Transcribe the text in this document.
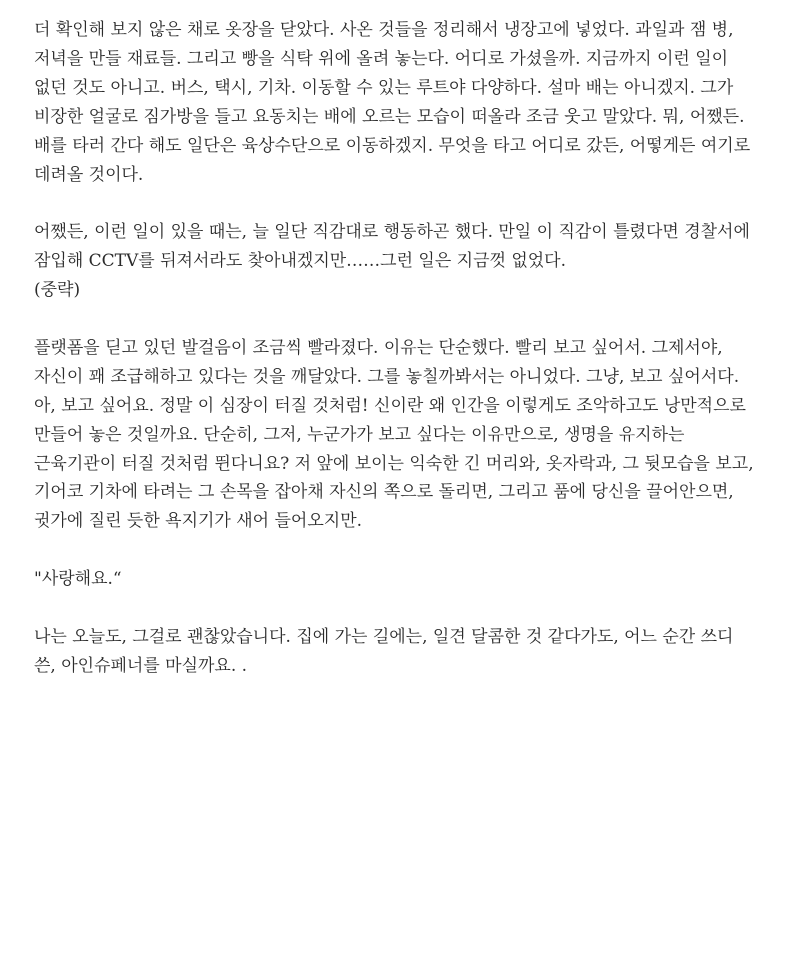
더 확인해 보지 않은 채로 옷장을 닫았다. 사온 것들을 정리해서 냉장고에 넣었다. 과일과 잼 병,
저녁을 만들 재료들. 그리고 빵을 식탁 위에 올려 놓는다. 어디로 가셨을까. 지금까지 이런 일이
없던 것도 아니고. 버스, 택시, 기차. 이동할 수 있는 루트야 다양하다. 설마 배는 아니겠지. 그가
비장한 얼굴로 짐가방을 들고 요동치는 배에 오르는 모습이 떠올라 조금 웃고 말았다. 뭐, 어쨌든.
배를 타러 간다 해도 일단은 육상수단으로 이동하겠지. 무엇을 타고 어디로 갔든, 어떻게든 여기로
데려올 것이다.

어쨌든, 이런 일이 있을 때는, 늘 일단 직감대로 행동하곤 했다. 만일 이 직감이 틀렸다면 경찰서에
잠입해 CCTV를 뒤져서라도 찾아내겠지만……그런 일은 지금껏 없었다.
(중략)

플랫폼을 딛고 있던 발걸음이 조금씩 빨라졌다. 이유는 단순했다. 빨리 보고 싶어서. 그제서야,
자신이 꽤 조급해하고 있다는 것을 깨달았다. 그를 놓칠까봐서는 아니었다. 그냥, 보고 싶어서다.
아, 보고 싶어요. 정말 이 심장이 터질 것처럼! 신이란 왜 인간을 이렇게도 조악하고도 낭만적으로
만들어 놓은 것일까요. 단순히, 그저, 누군가가 보고 싶다는 이유만으로, 생명을 유지하는
근육기관이 터질 것처럼 뛴다니요? 저 앞에 보이는 익숙한 긴 머리와, 옷자락과, 그 뒷모습을 보고,
기어코 기차에 타려는 그 손목을 잡아채 자신의 쪽으로 돌리면, 그리고 품에 당신을 끌어안으면,
귓가에 질린 듯한 욕지기가 새어 들어오지만.

"사랑해요.“

나는 오늘도, 그걸로 괜찮았습니다. 집에 가는 길에는, 일견 달콤한 것 같다가도, 어느 순간 쓰디
쓴, 아인슈페너를 마실까요. .
